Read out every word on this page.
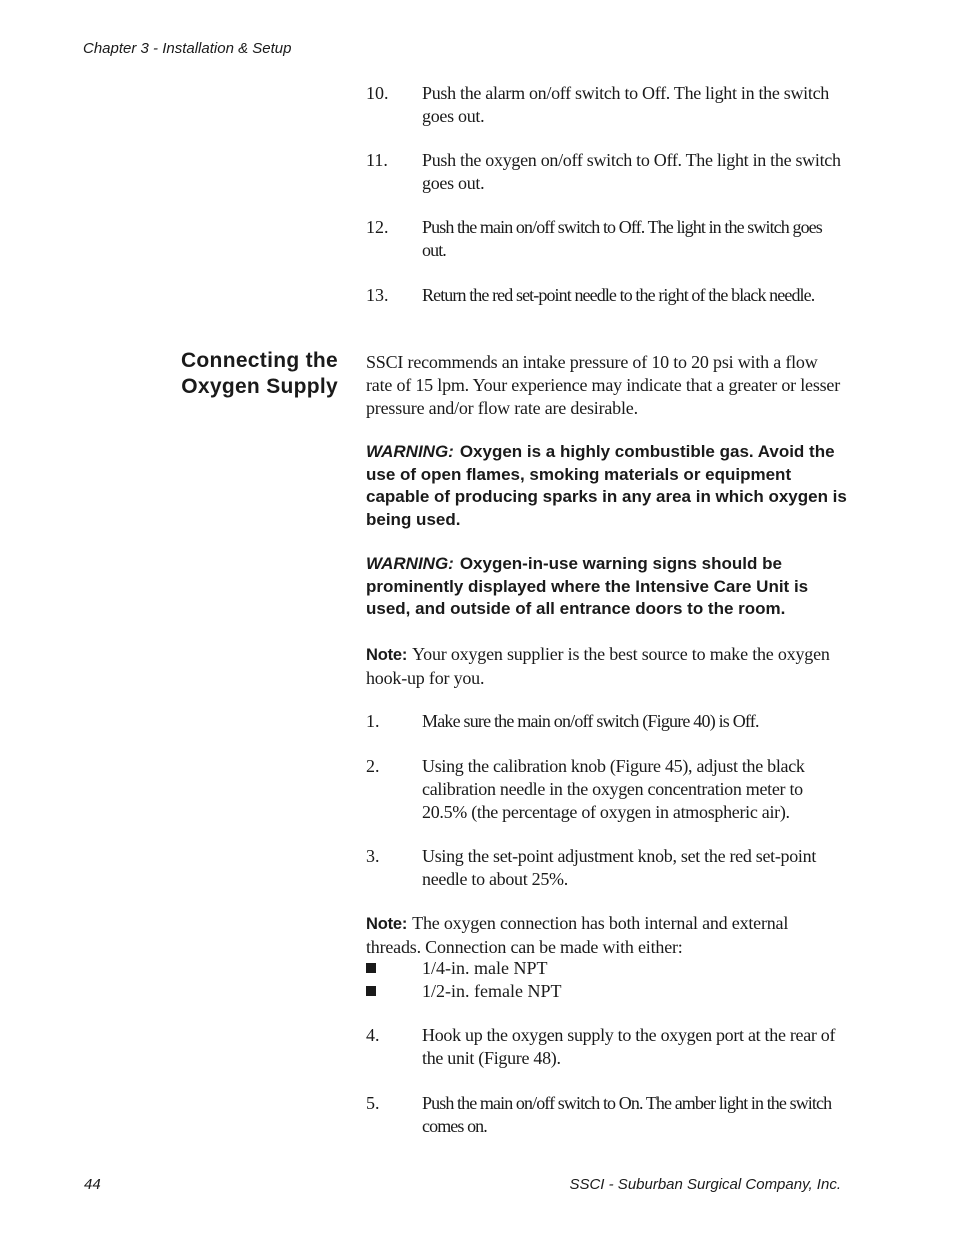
Chapter 3 - Installation & Setup
10.	Push the alarm on/off switch to Off. The light in the switch goes out.
11.	Push the oxygen on/off switch to Off. The light in the switch goes out.
12.	Push the main on/off switch to Off. The light in the switch goes out.
13.	Return the red set-point needle to the right of the black needle.
Connecting the
Oxygen Supply
SSCI recommends an intake pressure of 10 to 20 psi with a flow rate of 15 lpm. Your experience may indicate that a greater or lesser pressure and/or flow rate are desirable.
WARNING: Oxygen is a highly combustible gas. Avoid the use of open flames, smoking materials or equipment capable of producing sparks in any area in which oxygen is being used.
WARNING: Oxygen-in-use warning signs should be prominently displayed where the Intensive Care Unit is used, and outside of all entrance doors to the room.
Note: Your oxygen supplier is the best source to make the oxygen hook-up for you.
1.	Make sure the main on/off switch (Figure 40) is Off.
2.	Using the calibration knob (Figure 45), adjust the black calibration needle in the oxygen concentration meter to 20.5% (the percentage of oxygen in atmospheric air).
3.	Using the set-point adjustment knob, set the red set-point needle to about 25%.
Note: The oxygen connection has both internal and external threads. Connection can be made with either:
1/4-in. male NPT
1/2-in. female NPT
4.	Hook up the oxygen supply to the oxygen port at the rear of the unit (Figure 48).
5.	Push the main on/off switch to On. The amber light in the switch comes on.
44	SSCI - Suburban Surgical Company, Inc.
